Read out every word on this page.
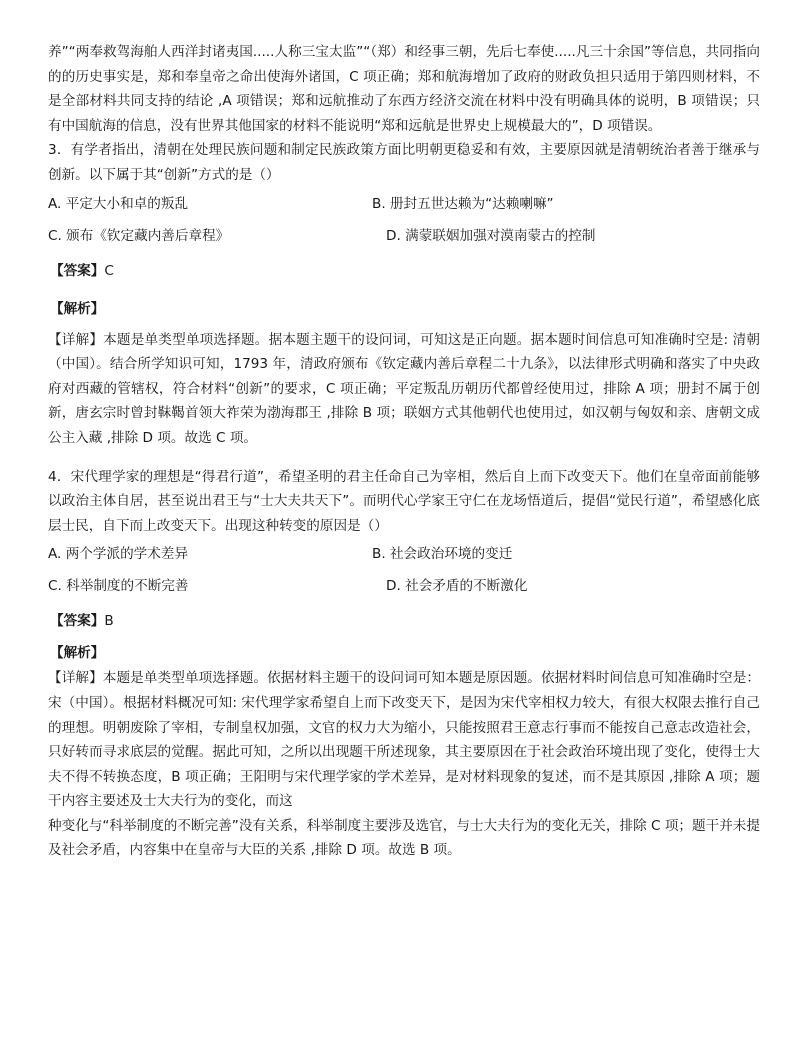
养”“两奉救驾海舶人西洋封诸夷国.....人称三宝太监”“（郑）和经事三朝，先后七奉使.....凡三十余国”等信息，共同指向的的历史事实是，郑和奉皇帝之命出使海外诸国，C 项正确；郑和航海增加了政府的财政负担只适用于第四则材料，不是全部材料共同支持的结论 ,A 项错误；郑和远航推动了东西方经济交流在材料中没有明确具体的说明，B 项错误；只有中国航海的信息，没有世界其他国家的材料不能说明“郑和远航是世界史上规模最大的”，D 项错误。

3．有学者指出，清朝在处理民族问题和制定民族政策方面比明朝更稳妥和有效，主要原因就是清朝统治者善于继承与创新。以下属于其“创新”方式的是（）

A. 平定大小和卓的叛乱	B. 册封五世达赖为“达赖喇嘛”
C. 颁布《钦定藏内善后章程》	D. 满蒙联姻加强对漠南蒙古的控制
【答案】 C
【解析】

【详解】本题是单类型单项选择题。据本题主题干的设问词，可知这是正向题。据本题时间信息可知准确时空是: 清朝（中国）。结合所学知识可知，1793 年，清政府颁布《钦定藏内善后章程二十九条》，以法律形式明确和落实了中央政府对西藏的管辖权，符合材料“创新”的要求，C 项正确；平定叛乱历朝历代都曾经使用过，排除 A 项；册封不属于创新，唐玄宗时曾封靺鞨首领大祚荣为渤海郡王 ,排除 B 项；联姻方式其他朝代也使用过，如汉朝与匈奴和亲、唐朝文成公主入藏 ,排除 D 项。故选 C 项。

4．宋代理学家的理想是“得君行道”，希望圣明的君主任命自己为宰相，然后自上而下改变天下。他们在皇帝面前能够以政治主体自居，甚至说出君王与“士大夫共天下”。而明代心学家王守仁在龙场悟道后，提倡“觉民行道”，希望感化底层士民，自下而上改变天下。出现这种转变的原因是（）

A. 两个学派的学术差异	B. 社会政治环境的变迁
C. 科举制度的不断完善	D. 社会矛盾的不断激化
【答案】 B
【解析】

【详解】本题是单类型单项选择题。依据材料主题干的设问词可知本题是原因题。依据材料时间信息可知准确时空是：宋（中国）。根据材料概况可知: 宋代理学家希望自上而下改变天下，是因为宋代宰相权力较大，有很大权限去推行自己的理想。明朝废除了宰相，专制皇权加强，文官的权力大为缩小，只能按照君王意志行事而不能按自己意志改造社会，只好转而寻求底层的觉醒。据此可知，之所以出现题干所述现象，其主要原因在于社会政治环境出现了变化，使得士大夫不得不转换态度，B 项正确；王阳明与宋代理学家的学术差异，是对材料现象的复述，而不是其原因 ,排除 A 项；题干内容主要述及士大夫行为的变化，而这

种变化与“科举制度的不断完善”没有关系，科举制度主要涉及选官，与士大夫行为的变化无关，排除 C 项；题干并未提及社会矛盾，内容集中在皇帝与大臣的关系 ,排除 D 项。故选 B 项。
